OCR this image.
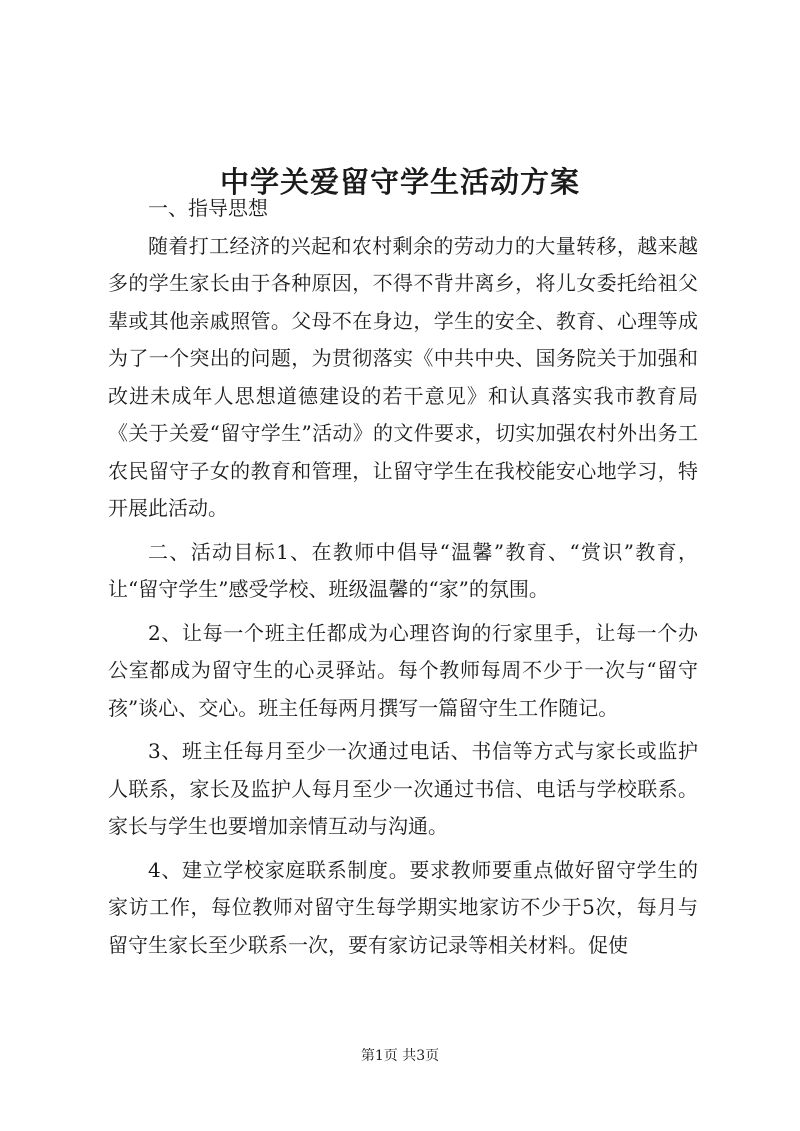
中学关爱留守学生活动方案

一、指导思想

随着打工经济的兴起和农村剩余的劳动力的大量转移，越来越多的学生家长由于各种原因，不得不背井离乡，将儿女委托给祖父辈或其他亲戚照管。父母不在身边，学生的安全、教育、心理等成为了一个突出的问题，为贯彻落实《中共中央、国务院关于加强和改进未成年人思想道德建设的若干意见》和认真落实我市教育局《关于关爱“留守学生”活动》的文件要求，切实加强农村外出务工农民留守子女的教育和管理，让留守学生在我校能安心地学习，特开展此活动。

二、活动目标1、在教师中倡导“温馨”教育、“赏识”教育，让“留守学生”感受学校、班级温馨的“家”的氛围。

2、让每一个班主任都成为心理咨询的行家里手，让每一个办公室都成为留守生的心灵驿站。每个教师每周不少于一次与“留守孩”谈心、交心。班主任每两月撰写一篇留守生工作随记。

3、班主任每月至少一次通过电话、书信等方式与家长或监护人联系，家长及监护人每月至少一次通过书信、电话与学校联系。家长与学生也要增加亲情互动与沟通。

4、建立学校家庭联系制度。要求教师要重点做好留守学生的家访工作，每位教师对留守生每学期实地家访不少于5次，每月与留守生家长至少联系一次，要有家访记录等相关材料。促使

第1页 共3页
